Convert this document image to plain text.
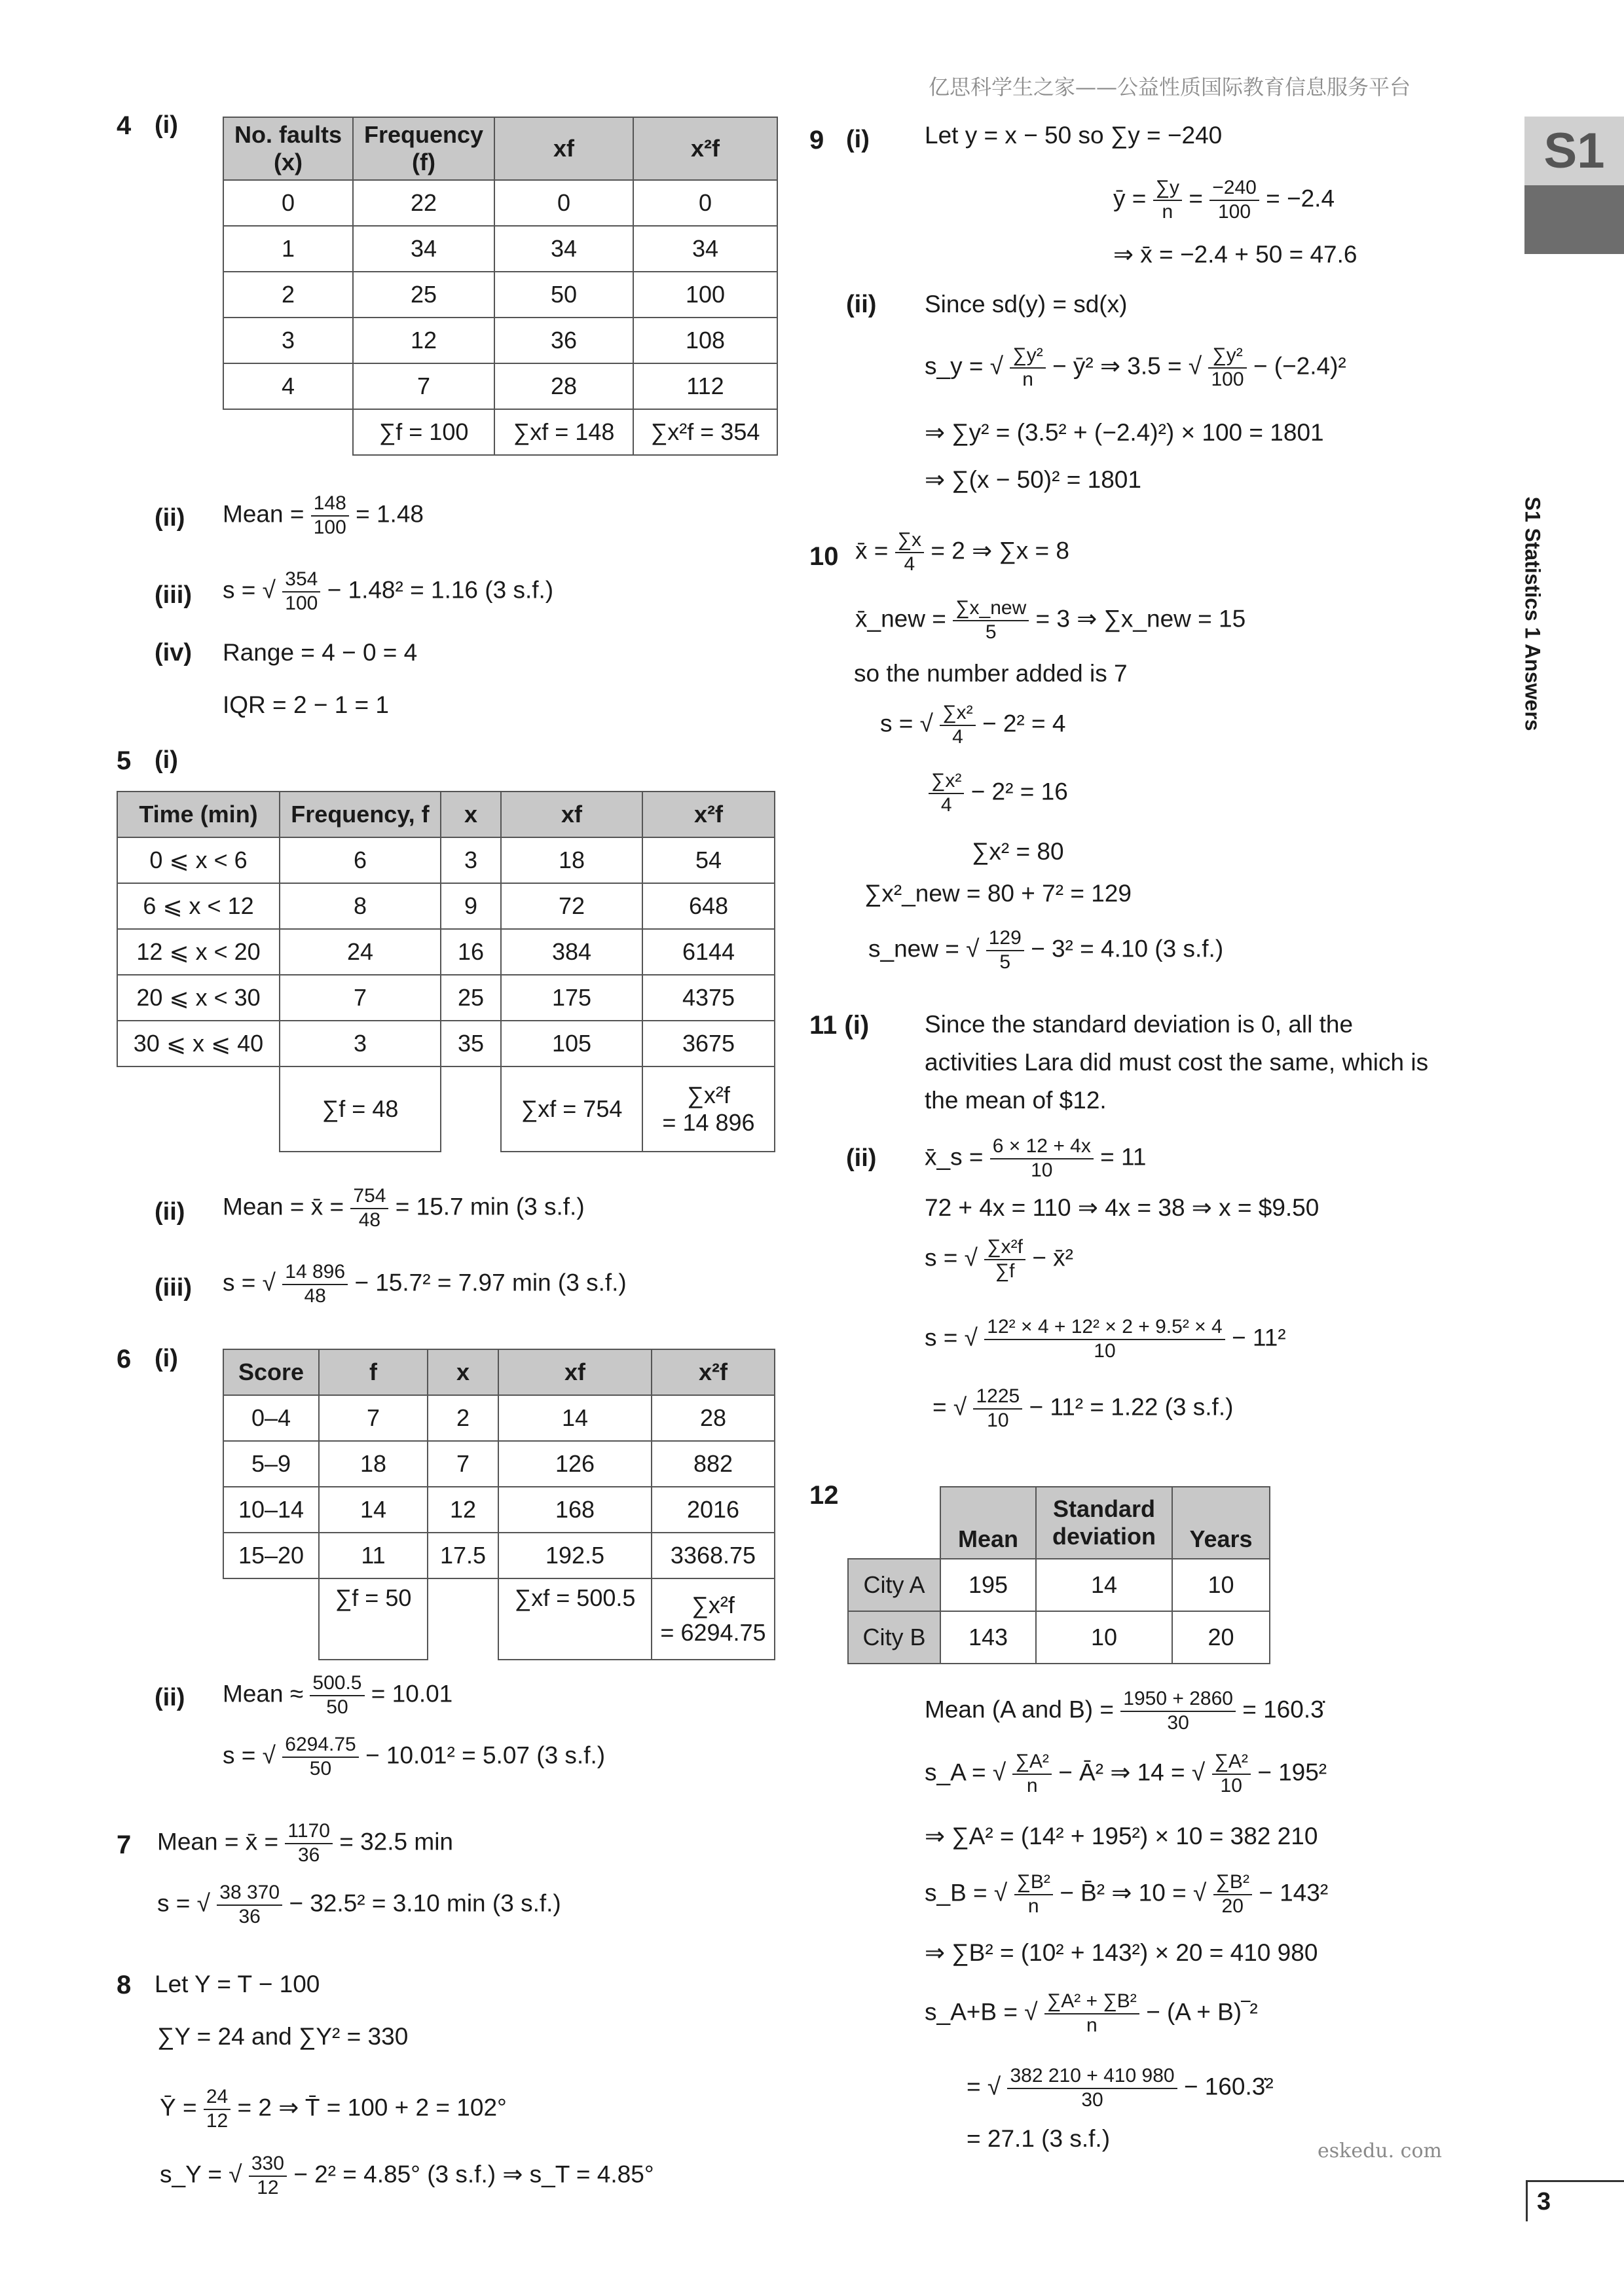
亿思科学生之家——公益性质国际教育信息服务平台
eskedu. com
S1
S1 Statistics 1 Answers
3
4 (i) No. faults (x)	Frequency (f)	xf	x²f
0	22	0	0
1	34	34	34
2	25	50	100
3	12	36	108
4	7	28	112
	∑f = 100	∑xf = 148	∑x²f = 354
(ii) Mean = $\frac{148}{100} = 1.48$
(iii) s = √ $\frac{354}{100} - 1.48^2 = 1.16$ (3 s.f.)
(iv) Range = 4 − 0 = 4
IQR = 2 − 1 = 1
5 (i)
Time (min)	Frequency, f	x	xf	x²f
0 ⩽ x < 6	6	3	18	54
6 ⩽ x < 12	8	9	72	648
12 ⩽ x < 20	24	16	384	6144
20 ⩽ x < 30	7	25	175	4375
30 ⩽ x ⩽ 40	3	35	105	3675
	∑f = 48		∑xf = 754	∑x²f
= 14 896
(ii) Mean = x̄ = $\frac{754}{48} = 15.7$ min (3 s.f.)
(iii) s = √ $\frac{14 896}{48} - 15.7^2 = 7.97$ min (3 s.f.)
6 (i)	Score	f	x	xf	x²f
0–4	7	2	14	28
5–9	18	7	126	882
10–14	14	12	168	2016
15–20	11	17.5	192.5	3368.75
	∑f = 50		∑xf = 500.5	∑x²f
= 6294.75
(ii) Mean ≈ $\frac{500.5}{50} = 10.01$
s = √ $\frac{6294.75}{50} - 10.01^2 = 5.07$ (3 s.f.)
7 Mean = x̄ = $\frac{1170}{36} = 32.5$ min
s = √ $\frac{38 370}{36} - 32.5^2 = 3.10$ min (3 s.f.)
8 Let Y = T − 100
∑Y = 24 and ∑Y² = 330
Ȳ = $\frac{24}{12} = 2$ ⇒ T̄ = 100 + 2 = 102°
s_Y = √ $\frac{330}{12} - 2^2 = 4.85^\circ$ (3 s.f.) ⇒ s_T = 4.85°
9 (i) Let y = x − 50 so ∑y = −240
ȳ = $\frac{\sum y}{n} = \frac{-240}{100} = -2.4$
⇒ x̄ = −2.4 + 50 = 47.6
(ii) Since sd(y) = sd(x)
s_y = √ $\frac{\text{∑y²}}{n}$ − ȳ² ⇒ 3.5 = √ $\frac{\text{∑y²}}{100} - (-2.4)^2$
⇒ ∑y² = (3.5² + (−2.4)²) × 100 = 1801
⇒ ∑(x − 50)² = 1801
10 x̄ = $\frac{\sum x}{4} = 2$ ⇒ ∑x = 8
x̄_new = $\frac{\text{∑x\_new}}{5} = 3$ ⇒ ∑x_new = 15
so the number added is 7
s = √ $\frac{\text{∑x²}}{4} - 2^2 = 4$
$\frac{\text{∑x²}}{4} - 2^2 = 16$
∑x² = 80
∑x²_new = 80 + 7² = 129
s_new = √ $\frac{129}{5} - 3^2 = 4.10$ (3 s.f.)
11 (i) Since the standard deviation is 0, all the
activities Lara did must cost the same, which is
the mean of $12.
(ii) x̄_s = $\frac{6 \times 12 + 4x}{10} = 11$
72 + 4x = 110 ⇒ 4x = 38 ⇒ x = $9.50
s = √ $\frac{\text{∑x²f}}{\sum f}$ − x̄²
s = √ $\frac{\text{12² × 4 + 12² × 2 + 9.5² × 4}}{10} - 11^2$
= √ $\frac{1225}{10} - 11^2 = 1.22$ (3 s.f.)
12
	Mean	Standard deviation	Years
City A	195	14	10
City B	143	10	20
Mean (A and $B) = \frac{1950 + 2860}{30}$ = 160.3̇
s_A = √ $\frac{\text{∑A²}}{n}$ − Ā² ⇒ 14 = √ $\frac{\text{∑A²}}{10} - 195^2$
⇒ ∑A² = (14² + 195²) × 10 = 382 210
s_B = √ $\frac{\text{∑B²}}{n}$ − B̄² ⇒ 10 = √ $\frac{\text{∑B²}}{20} - 143^2$
⇒ ∑B² = (10² + 143²) × 20 = 410 980
s_A+B = √ $\frac{\text{∑A² + ∑B²}}{n} - (A$ + B)‾²
= √ $\frac{382 210 + 410 980}{30}$ − 160.3̇²
= 27.1 (3 s.f.)
